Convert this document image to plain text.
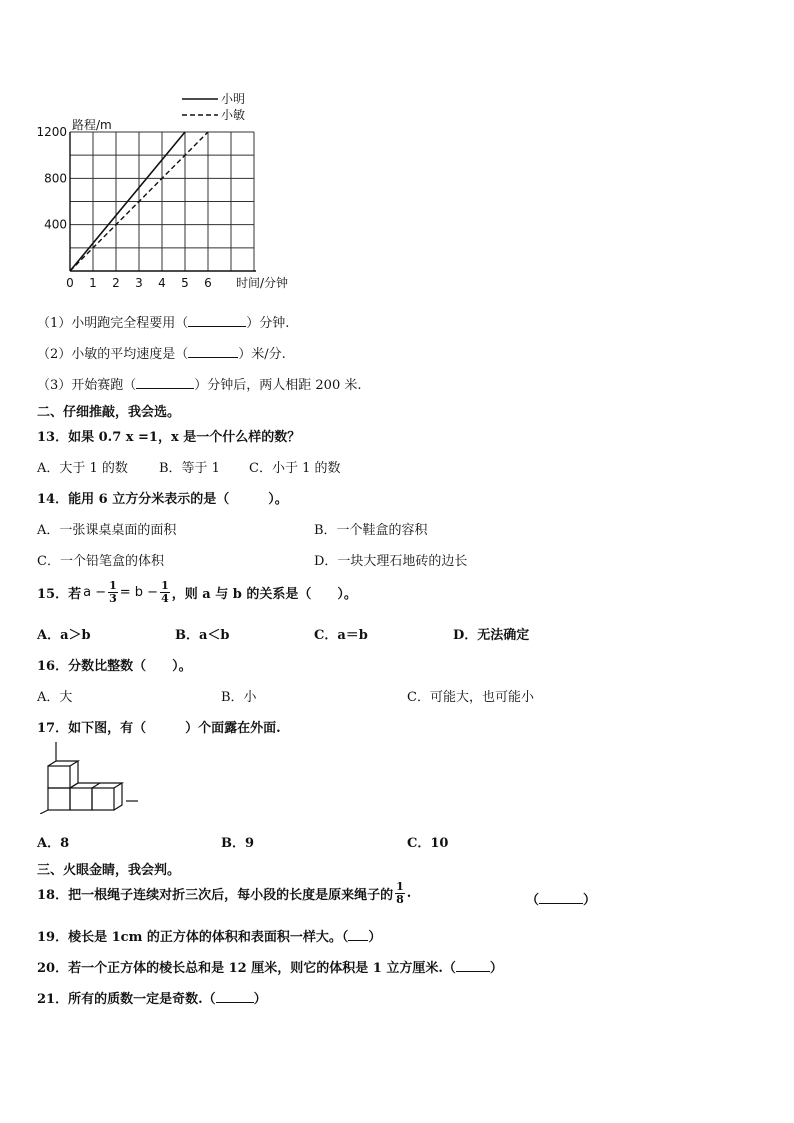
路程/m
时间/分钟
0 1 2 3 4 5 6
400
800
1200
小明
小敏
（1）小明跑完全程要用（	）分钟.
（2）小敏的平均速度是（	）米/分.
（3）开始赛跑（	）分钟后，两人相距 200 米.
二、仔细推敲，我会选。
13．如果 0.7 x =1，x 是一个什么样的数？
A．大于 1 的数 B．等于 1 C．小于 1 的数
14．能用 6 立方分米表示的是（　　　）。
A．一张课桌桌面的面积	B．一个鞋盒的容积
C．一个铅笔盒的体积	D．一块大理石地砖的边长
15．若 $a - \frac{1}{3} = b - \frac{1}{4}$ ，则 a 与 b 的关系是（　　）。
A．a＞b	B．a＜b	C．a＝b	D．无法确定
16．分数比整数（　　）。
A．大	B．小	C．可能大，也可能小
17．如下图，有（　　　）个面露在外面.
A．8	B．9	C．10
三、火眼金睛，我会判。
18．把一根绳子连续对折三次后，每小段的长度是原来绳子的 $\frac{1}{8}$ .	（	）
19．棱长是 1cm 的正方体的体积和表面积一样大。（ ）
20．若一个正方体的棱长总和是 12 厘米，则它的体积是 1 立方厘米.（	）
21．所有的质数一定是奇数.（	）
